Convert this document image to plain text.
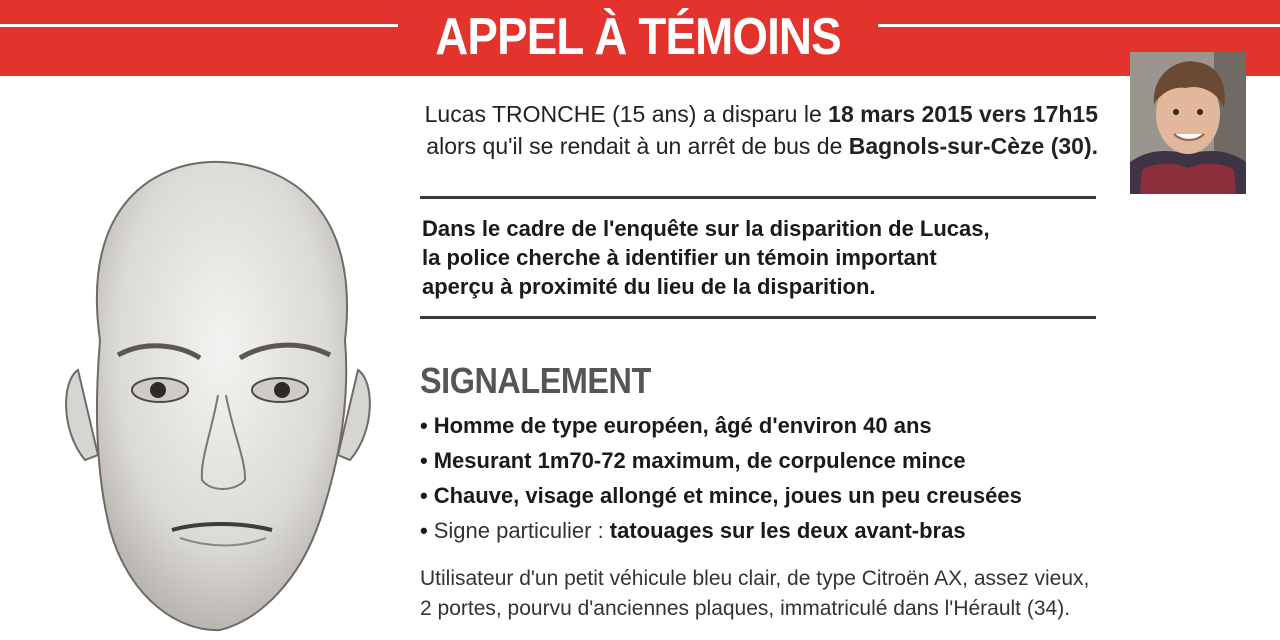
APPEL À TÉMOINS
Lucas TRONCHE (15 ans) a disparu le 18 mars 2015 vers 17h15
alors qu'il se rendait à un arrêt de bus de Bagnols-sur-Cèze (30).
Dans le cadre de l'enquête sur la disparition de Lucas,
la police cherche à identifier un témoin important
aperçu à proximité du lieu de la disparition.
SIGNALEMENT
• Homme de type européen, âgé d'environ 40 ans
• Mesurant 1m70-72 maximum, de corpulence mince
• Chauve, visage allongé et mince, joues un peu creusées
• Signe particulier : tatouages sur les deux avant-bras
Utilisateur d'un petit véhicule bleu clair, de type Citroën AX, assez vieux,
2 portes, pourvu d'anciennes plaques, immatriculé dans l'Hérault (34).
